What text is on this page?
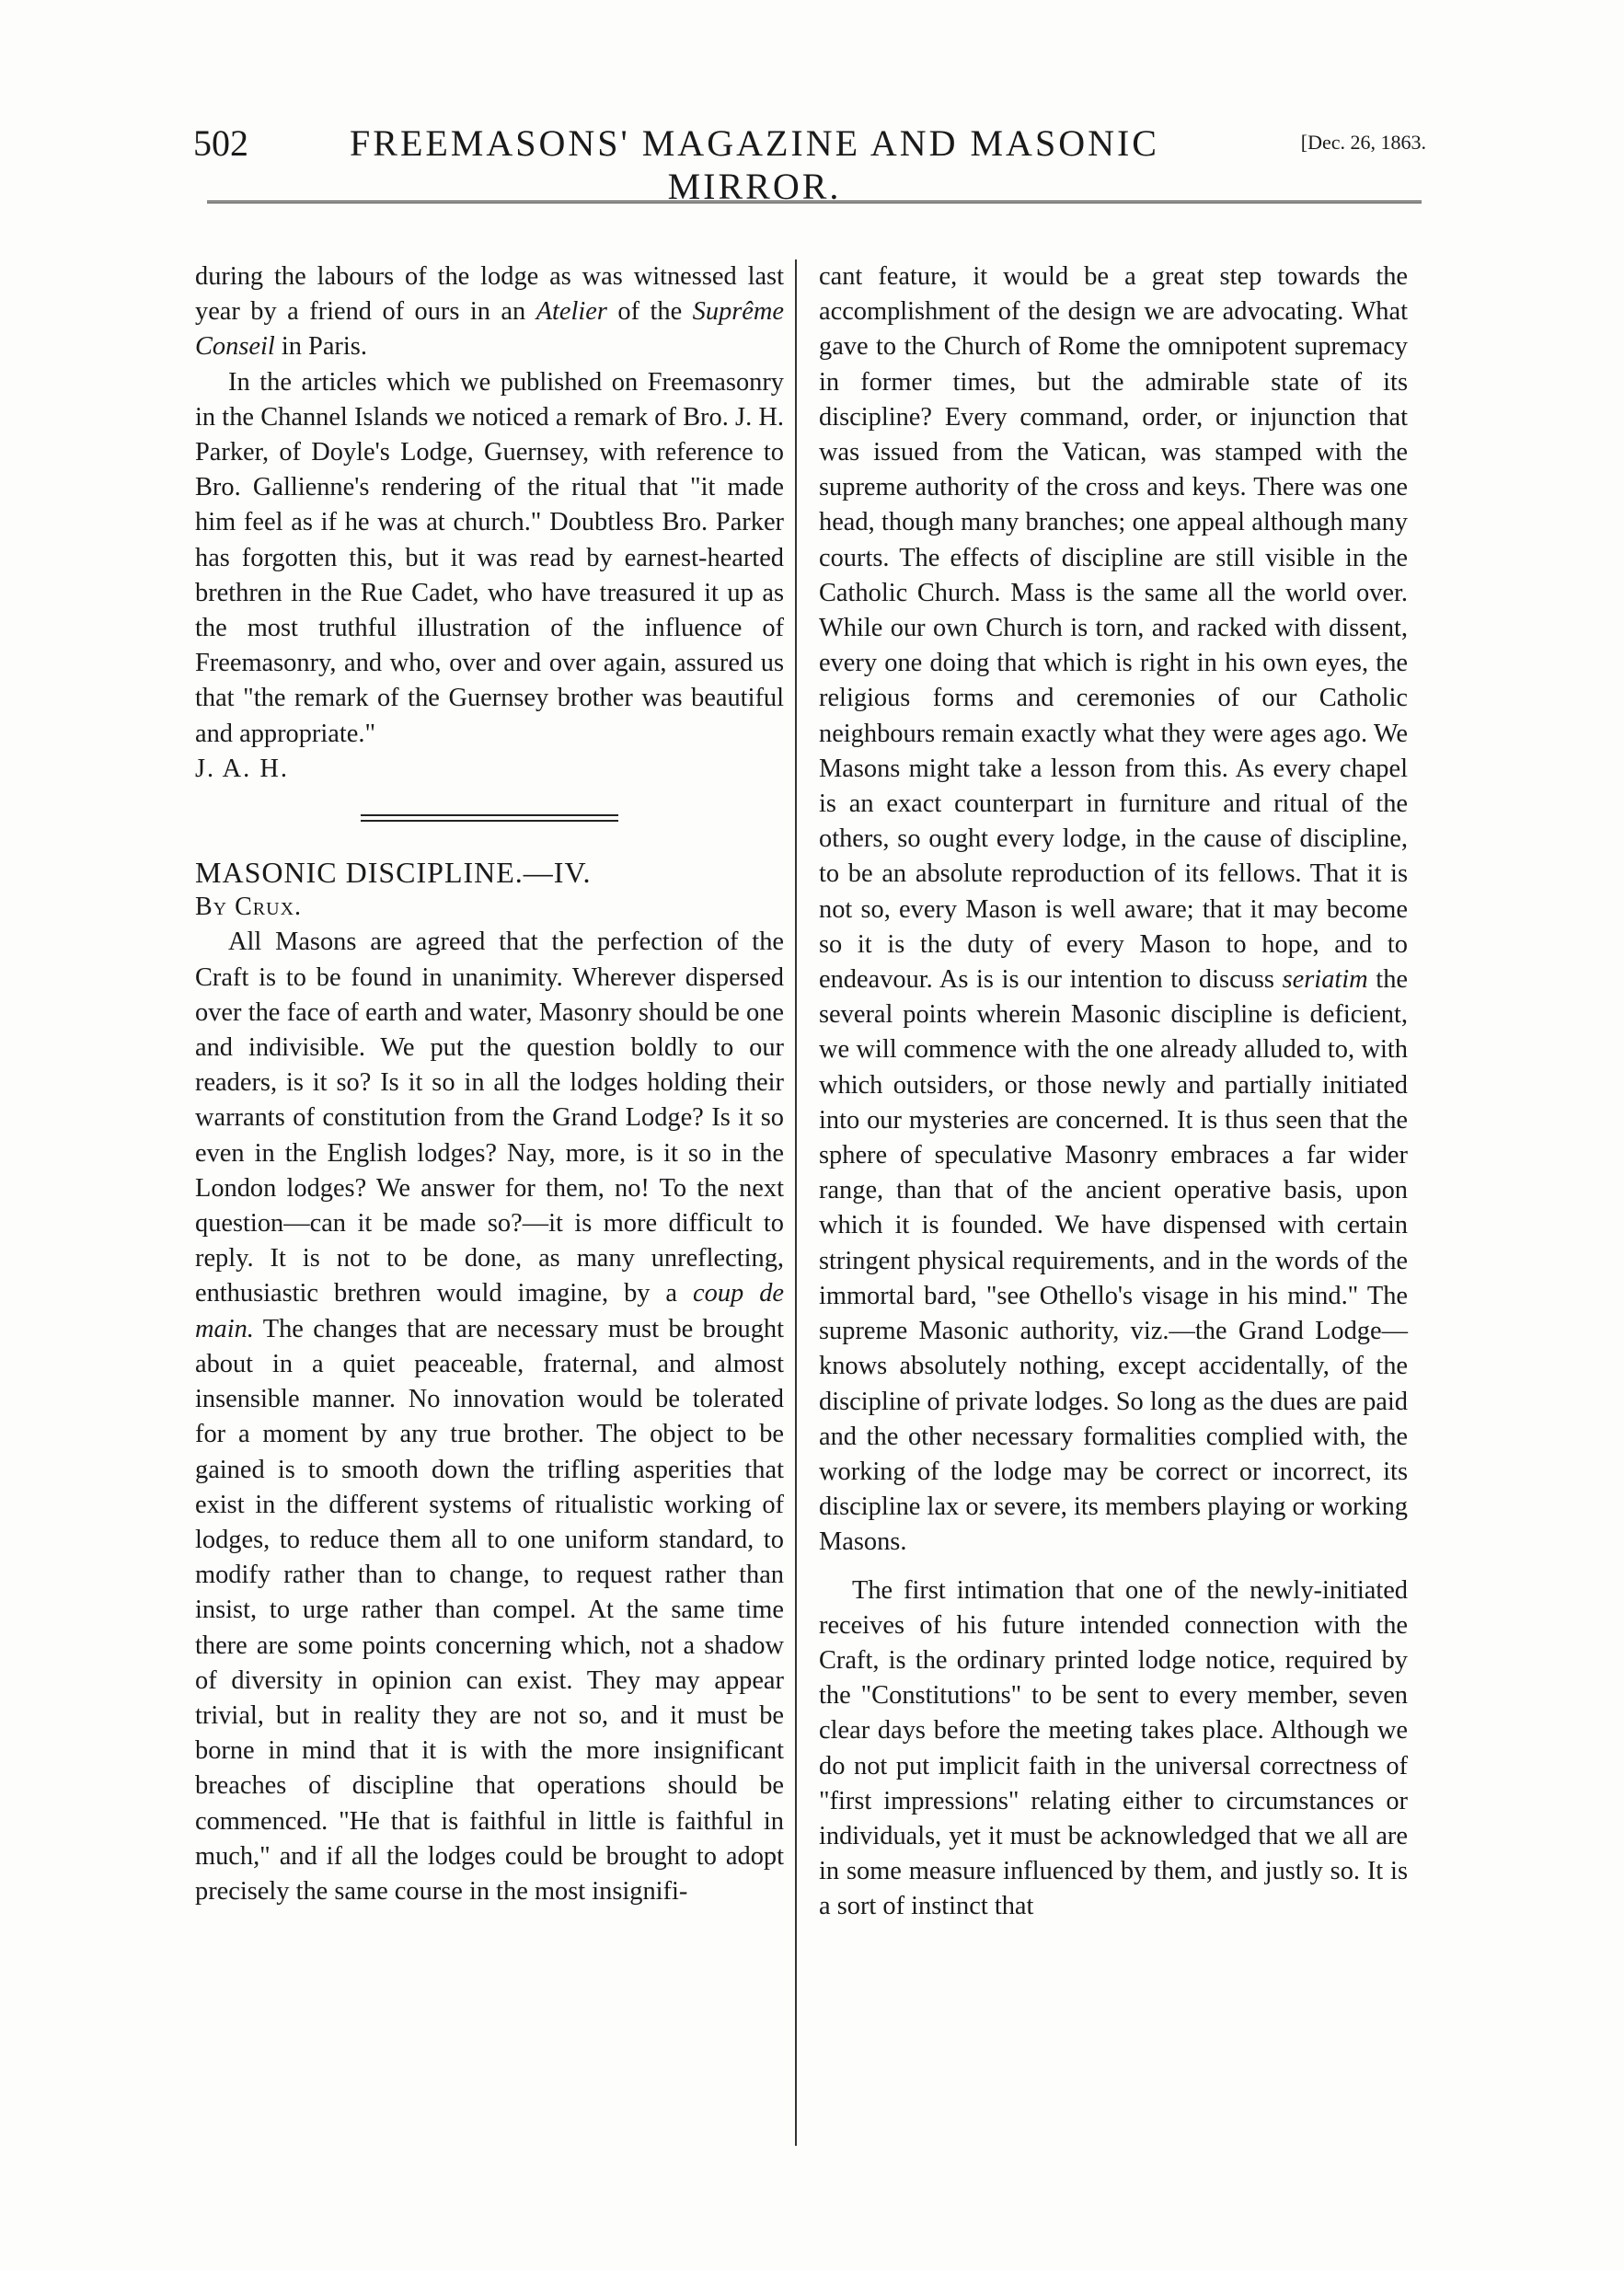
502	FREEMASONS' MAGAZINE AND MASONIC MIRROR.
[Dec. 26, 1863.

during the labours of the lodge as was witnessed last year by a friend of ours in an Atelier of the Suprême Conseil in Paris.

In the articles which we published on Freemasonry in the Channel Islands we noticed a remark of Bro. J. H. Parker, of Doyle's Lodge, Guernsey, with reference to Bro. Gallienne's rendering of the ritual that "it made him feel as if he was at church." Doubtless Bro. Parker has forgotten this, but it was read by earnest-hearted brethren in the Rue Cadet, who have treasured it up as the most truthful illustration of the influence of Freemasonry, and who, over and over again, assured us that "the remark of the Guernsey brother was beautiful and appropriate."

J. A. H.

MASONIC DISCIPLINE.—IV.

By Crux.

All Masons are agreed that the perfection of the Craft is to be found in unanimity. Wherever dispersed over the face of earth and water, Masonry should be one and indivisible. We put the question boldly to our readers, is it so? Is it so in all the lodges holding their warrants of constitution from the Grand Lodge? Is it so even in the English lodges? Nay, more, is it so in the London lodges? We answer for them, no! To the next question—can it be made so?—it is more difficult to reply. It is not to be done, as many unreflecting, enthusiastic brethren would imagine, by a coup de main. The changes that are necessary must be brought about in a quiet peaceable, fraternal, and almost insensible manner. No innovation would be tolerated for a moment by any true brother. The object to be gained is to smooth down the trifling asperities that exist in the different systems of ritualistic working of lodges, to reduce them all to one uniform standard, to modify rather than to change, to request rather than insist, to urge rather than compel. At the same time there are some points concerning which, not a shadow of diversity in opinion can exist. They may appear trivial, but in reality they are not so, and it must be borne in mind that it is with the more insignificant breaches of discipline that operations should be commenced. "He that is faithful in little is faithful in much," and if all the lodges could be brought to adopt precisely the same course in the most insignifi-

cant feature, it would be a great step towards the accomplishment of the design we are advocating. What gave to the Church of Rome the omnipotent supremacy in former times, but the admirable state of its discipline? Every command, order, or injunction that was issued from the Vatican, was stamped with the supreme authority of the cross and keys. There was one head, though many branches; one appeal although many courts. The effects of discipline are still visible in the Catholic Church. Mass is the same all the world over. While our own Church is torn, and racked with dissent, every one doing that which is right in his own eyes, the religious forms and ceremonies of our Catholic neighbours remain exactly what they were ages ago. We Masons might take a lesson from this. As every chapel is an exact counterpart in furniture and ritual of the others, so ought every lodge, in the cause of discipline, to be an absolute reproduction of its fellows. That it is not so, every Mason is well aware; that it may become so it is the duty of every Mason to hope, and to endeavour. As is is our intention to discuss seriatim the several points wherein Masonic discipline is deficient, we will commence with the one already alluded to, with which outsiders, or those newly and partially initiated into our mysteries are concerned. It is thus seen that the sphere of speculative Masonry embraces a far wider range, than that of the ancient operative basis, upon which it is founded. We have dispensed with certain stringent physical requirements, and in the words of the immortal bard, "see Othello's visage in his mind." The supreme Masonic authority, viz.—the Grand Lodge—knows absolutely nothing, except accidentally, of the discipline of private lodges. So long as the dues are paid and the other necessary formalities complied with, the working of the lodge may be correct or incorrect, its discipline lax or severe, its members playing or working Masons.

The first intimation that one of the newly-initiated receives of his future intended connection with the Craft, is the ordinary printed lodge notice, required by the "Constitutions" to be sent to every member, seven clear days before the meeting takes place. Although we do not put implicit faith in the universal correctness of "first impressions" relating either to circumstances or individuals, yet it must be acknowledged that we all are in some measure influenced by them, and justly so. It is a sort of instinct that
